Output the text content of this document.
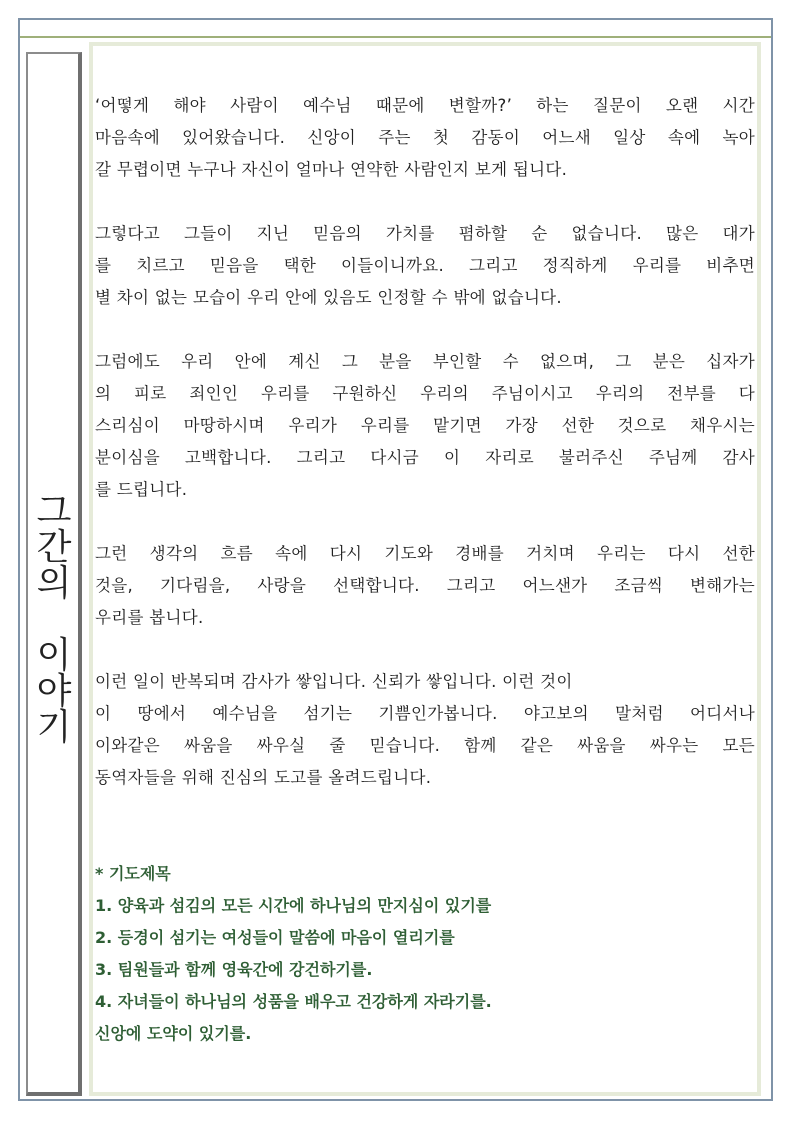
그
간
의
이
야
기
‘어떻게 해야 사람이 예수님 때문에 변할까?’ 하는 질문이 오랜 시간
마음속에 있어왔습니다. 신앙이 주는 첫 감동이 어느새 일상 속에 녹아
갈 무렵이면 누구나 자신이 얼마나 연약한 사람인지 보게 됩니다.
그렇다고 그들이 지닌 믿음의 가치를 폄하할 순 없습니다. 많은 대가
를 치르고 믿음을 택한 이들이니까요. 그리고 정직하게 우리를 비추면
별 차이 없는 모습이 우리 안에 있음도 인정할 수 밖에 없습니다.
그럼에도 우리 안에 계신 그 분을 부인할 수 없으며, 그 분은 십자가
의 피로 죄인인 우리를 구원하신 우리의 주님이시고 우리의 전부를 다
스리심이 마땅하시며 우리가 우리를 맡기면 가장 선한 것으로 채우시는
분이심을 고백합니다. 그리고 다시금 이 자리로 불러주신 주님께 감사
를 드립니다.
그런 생각의 흐름 속에 다시 기도와 경배를 거치며 우리는 다시 선한
것을, 기다림을, 사랑을 선택합니다. 그리고 어느샌가 조금씩 변해가는
우리를 봅니다.
이런 일이 반복되며 감사가 쌓입니다. 신뢰가 쌓입니다. 이런 것이
이 땅에서 예수님을 섬기는 기쁨인가봅니다. 야고보의 말처럼 어디서나
이와같은 싸움을 싸우실 줄 믿습니다. 함께 같은 싸움을 싸우는 모든
동역자들을 위해 진심의 도고를 올려드립니다.
* 기도제목
1. 양육과 섬김의 모든 시간에 하나님의 만지심이 있기를
2. 등경이 섬기는 여성들이 말씀에 마음이 열리기를
3. 팀원들과 함께 영육간에 강건하기를.
4. 자녀들이 하나님의 성품을 배우고 건강하게 자라기를.
신앙에 도약이 있기를.
